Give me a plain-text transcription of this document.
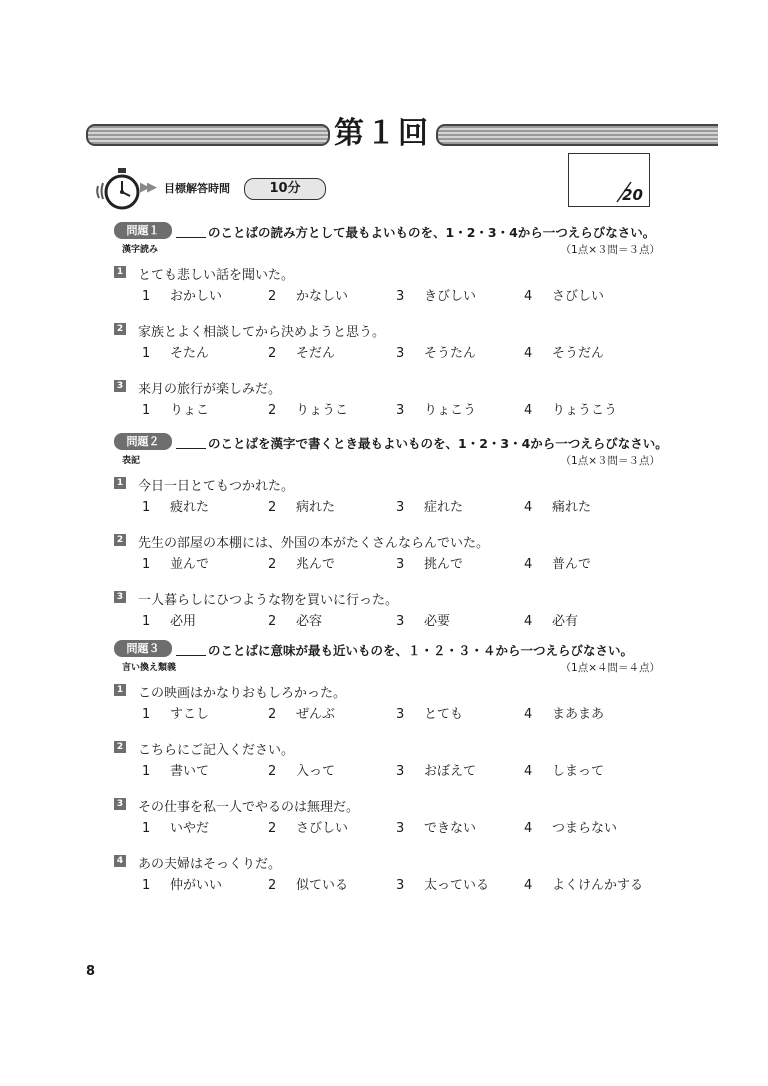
第１回
▶▶ 目標解答時間	10分	20
問題１	のことばの読み方として最もよいものを、1・2・3・4から一つえらびなさい。
漢字読み	（1点×３問＝３点）
1 とても悲しい話を聞いた。
1 おかしい	2 かなしい	3 きびしい	4 さびしい
2 家族とよく相談してから決めようと思う。
1 そたん	2 そだん	3 そうたん	4 そうだん
3 来月の旅行が楽しみだ。
1 りょこ	2 りょうこ	3 りょこう	4 りょうこう
問題２	のことばを漢字で書くとき最もよいものを、1・2・3・4から一つえらびなさい。
表記	（1点×３問＝３点）
1 今日一日とてもつかれた。
1 疲れた	2 病れた	3 症れた	4 痛れた
2 先生の部屋の本棚には、外国の本がたくさんならんでいた。
1 並んで	2 兆んで	3 挑んで	4 普んで
3 一人暮らしにひつような物を買いに行った。
1 必用	2 必容	3 必要	4 必有
問題３	のことばに意味が最も近いものを、１・２・３・４から一つえらびなさい。
言い換え類義	（1点×４問＝４点）
1 この映画はかなりおもしろかった。
1 すこし	2 ぜんぶ	3 とても	4 まあまあ
2 こちらにご記入ください。
1 書いて	2 入って	3 おぼえて	4 しまって
3 その仕事を私一人でやるのは無理だ。
1 いやだ	2 さびしい	3 できない	4 つまらない
4 あの夫婦はそっくりだ。
1 仲がいい	2 似ている	3 太っている	4 よくけんかする
8
